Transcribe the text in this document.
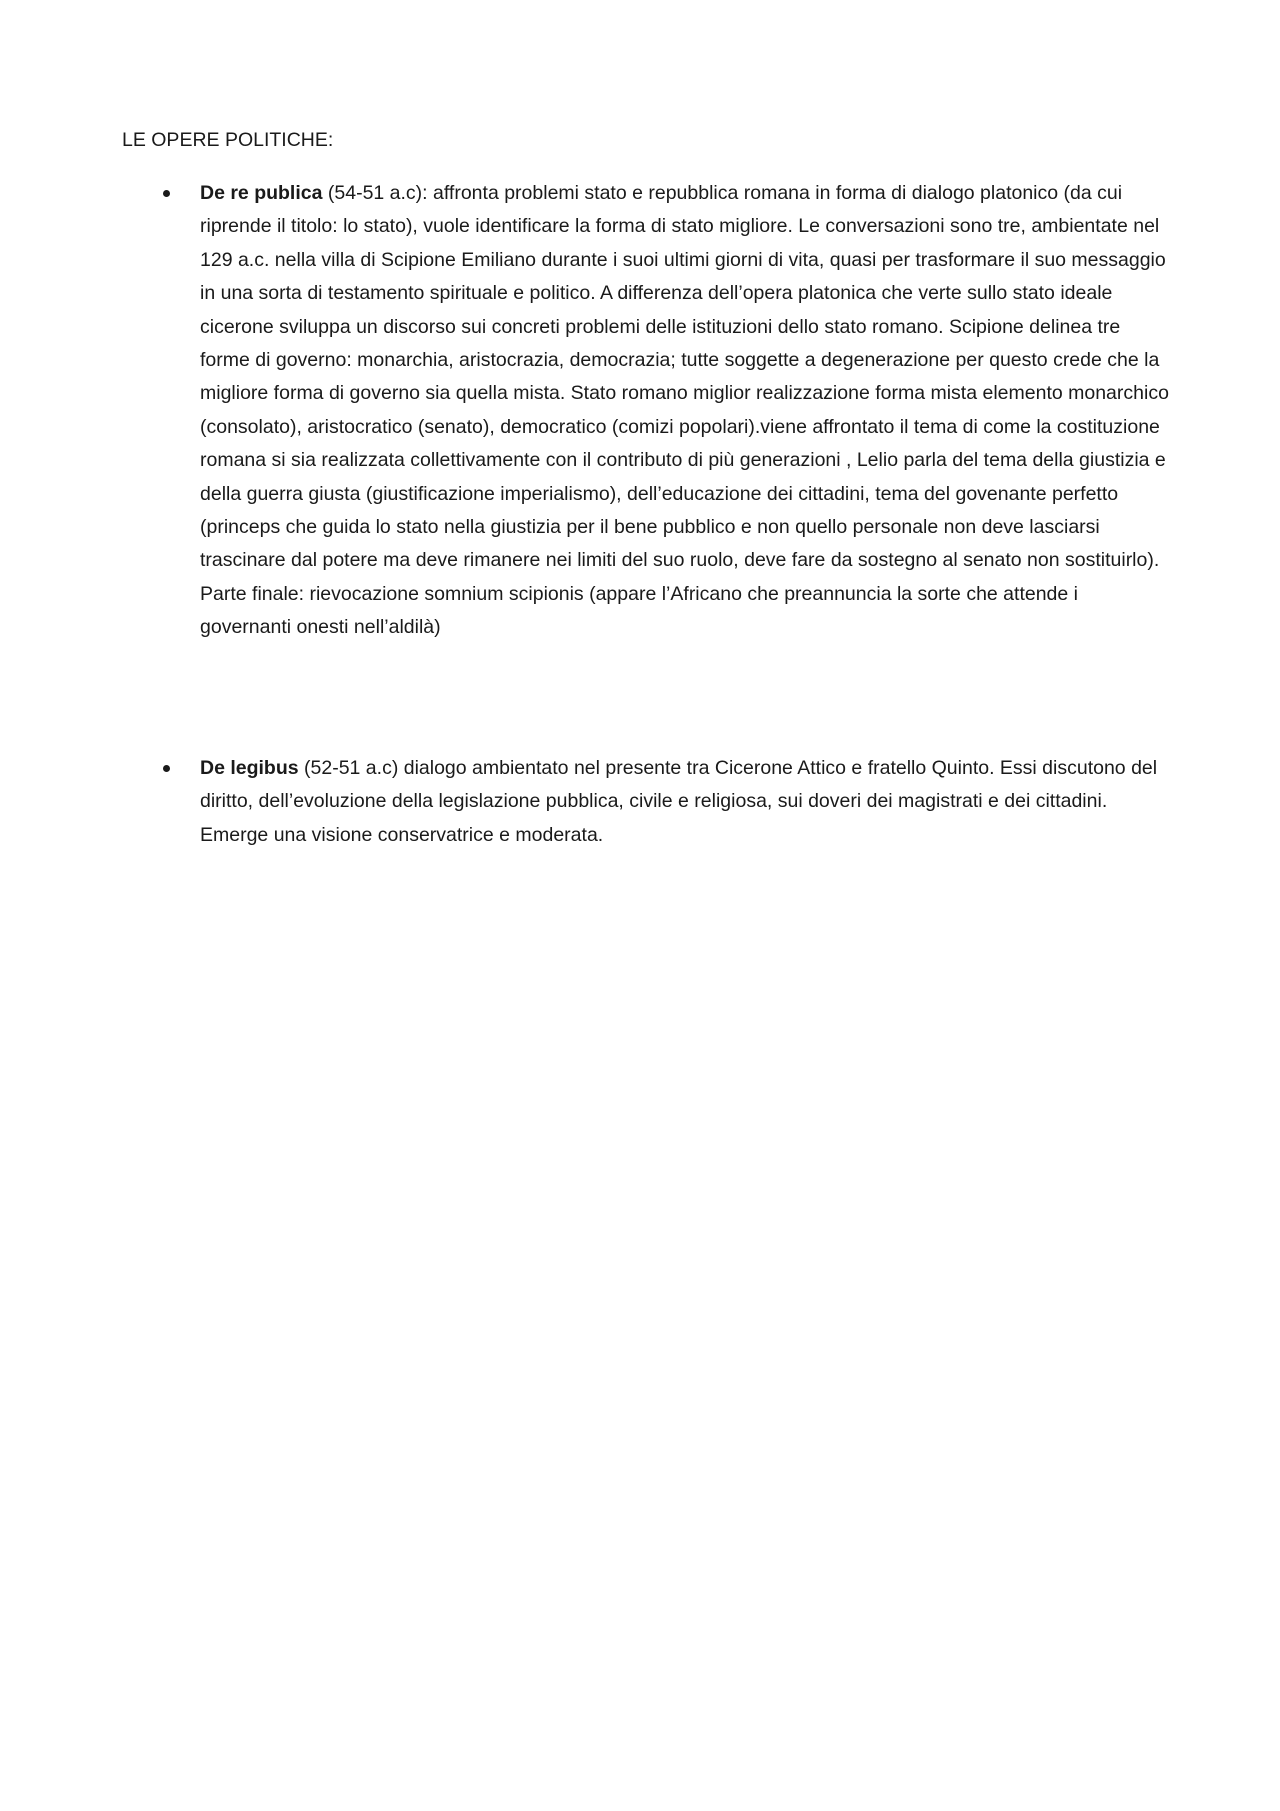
LE OPERE POLITICHE:

De re publica (54-51 a.c): affronta problemi stato e repubblica romana in forma di dialogo platonico (da cui riprende il titolo: lo stato), vuole identificare la forma di stato migliore. Le conversazioni sono tre, ambientate nel 129 a.c. nella villa di Scipione Emiliano durante i suoi ultimi giorni di vita, quasi per trasformare il suo messaggio in una sorta di testamento spirituale e politico. A differenza dell’opera platonica che verte sullo stato ideale cicerone sviluppa un discorso sui concreti problemi delle istituzioni dello stato romano. Scipione delinea tre forme di governo: monarchia, aristocrazia, democrazia; tutte soggette a degenerazione per questo crede che la migliore forma di governo sia quella mista. Stato romano miglior realizzazione forma mista elemento monarchico (consolato), aristocratico (senato), democratico (comizi popolari).viene affrontato il tema di come la costituzione romana si sia realizzata collettivamente con il contributo di più generazioni , Lelio parla del tema della giustizia e della guerra giusta (giustificazione imperialismo), dell’educazione dei cittadini, tema del govenante perfetto (princeps che guida lo stato nella giustizia per il bene pubblico e non quello personale non deve lasciarsi trascinare dal potere ma deve rimanere nei limiti del suo ruolo, deve fare da sostegno al senato non sostituirlo). Parte finale: rievocazione somnium scipionis (appare l’Africano che preannuncia la sorte che attende i governanti onesti nell’aldilà)
De legibus (52-51 a.c) dialogo ambientato nel presente tra Cicerone Attico e fratello Quinto. Essi discutono del diritto, dell’evoluzione della legislazione pubblica, civile e religiosa, sui doveri dei magistrati e dei cittadini. Emerge una visione conservatrice e moderata.
